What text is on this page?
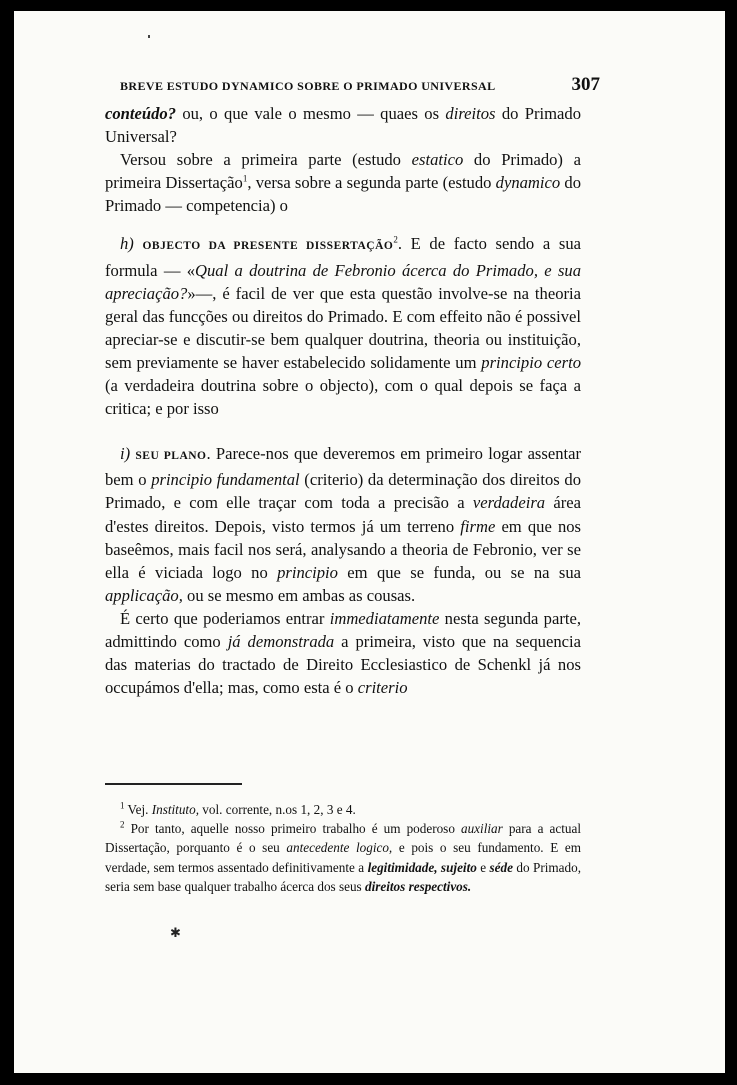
BREVE ESTUDO DYNAMICO SOBRE O PRIMADO UNIVERSAL	307

conteúdo? ou, o que vale o mesmo — quaes os direitos do Primado Universal?

Versou sobre a primeira parte (estudo estatico do Primado) a primeira Dissertação$^1$, versa sobre a segunda parte (estudo dynamico do Primado — competencia) o

h) OBJECTO DA PRESENTE DISSERTAÇÃO$^2$. E de facto sendo a sua formula — «Qual a doutrina de Febronio ácerca do Primado, e sua apreciação?»—, é facil de ver que esta questão involve-se na theoria geral das funcções ou direitos do Primado. E com effeito não é possivel apreciar-se e discutir-se bem qualquer doutrina, theoria ou instituição, sem previamente se haver estabelecido solidamente um principio certo (a verdadeira doutrina sobre o objecto), com o qual depois se faça a critica; e por isso

i) SEU PLANO. Parece-nos que deveremos em primeiro logar assentar bem o principio fundamental (criterio) da determinação dos direitos do Primado, e com elle traçar com toda a precisão a verdadeira área d'estes direitos. Depois, visto termos já um terreno firme em que nos baseêmos, mais facil nos será, analysando a theoria de Febronio, ver se ella é viciada logo no principio em que se funda, ou se na sua applicação, ou se mesmo em ambas as cousas.

É certo que poderiamos entrar immediatamente nesta segunda parte, admittindo como já demonstrada a primeira, visto que na sequencia das materias do tractado de Direito Ecclesiastico de Schenkl já nos occupámos d'ella; mas, como esta é o criterio

$^1$ Vej. Instituto, vol. corrente, n.os 1, 2, 3 e 4.

$^2$ Por tanto, aquelle nosso primeiro trabalho é um poderoso auxiliar para a actual Dissertação, porquanto é o seu antecedente logico, e pois o seu fundamento. E em verdade, sem termos assentado definitivamente a legitimidade, sujeito e séde do Primado, seria sem base qualquer trabalho ácerca dos seus direitos respectivos.

✱
